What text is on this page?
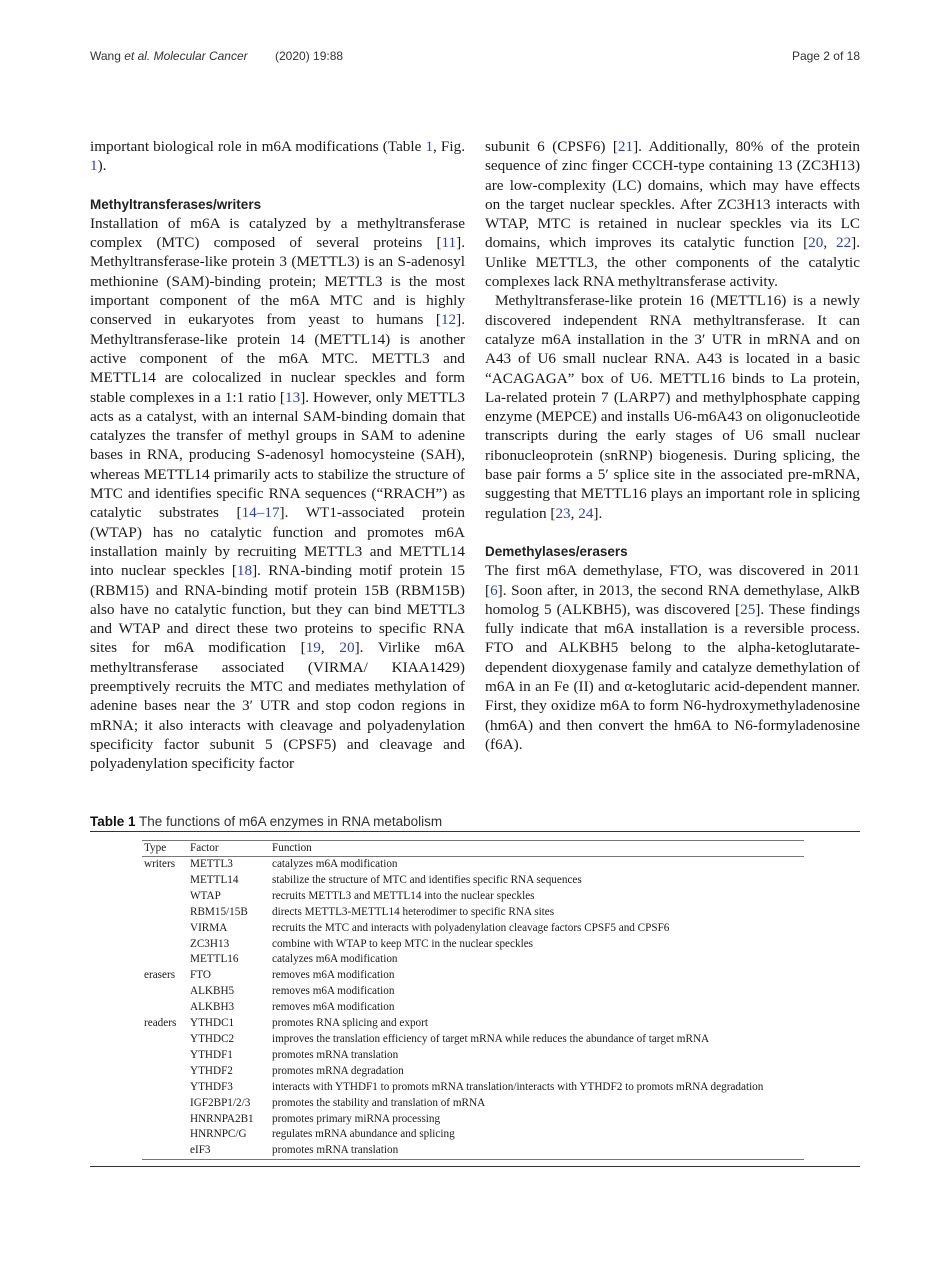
Wang et al. Molecular Cancer (2020) 19:88	Page 2 of 18

important biological role in m6A modifications (Table 1, Fig. 1).

Methyltransferases/writers

Installation of m6A is catalyzed by a methyltransferase complex (MTC) composed of several proteins [11]. Methyltransferase-like protein 3 (METTL3) is an S-adenosyl methionine (SAM)-binding protein; METTL3 is the most important component of the m6A MTC and is highly conserved in eukaryotes from yeast to humans [12]. Methyltransferase-like protein 14 (METTL14) is another active component of the m6A MTC. METTL3 and METTL14 are colocalized in nuclear speckles and form stable complexes in a 1:1 ratio [13]. However, only METTL3 acts as a catalyst, with an internal SAM-binding domain that catalyzes the transfer of methyl groups in SAM to adenine bases in RNA, producing S-adenosyl homocysteine (SAH), whereas METTL14 primarily acts to stabilize the structure of MTC and identifies specific RNA sequences (“RRACH”) as catalytic substrates [14–17]. WT1-associated protein (WTAP) has no catalytic function and promotes m6A installation mainly by recruiting METTL3 and METTL14 into nuclear speckles [18]. RNA-binding motif protein 15 (RBM15) and RNA-binding motif protein 15B (RBM15B) also have no catalytic function, but they can bind METTL3 and WTAP and direct these two proteins to specific RNA sites for m6A modification [19, 20]. Virlike m6A methyltransferase associated (VIRMA/ KIAA1429) preemptively recruits the MTC and mediates methylation of adenine bases near the 3′ UTR and stop codon regions in mRNA; it also interacts with cleavage and polyadenylation specificity factor subunit 5 (CPSF5) and cleavage and polyadenylation specificity factor

subunit 6 (CPSF6) [21]. Additionally, 80% of the protein sequence of zinc finger CCCH-type containing 13 (ZC3H13) are low-complexity (LC) domains, which may have effects on the target nuclear speckles. After ZC3H13 interacts with WTAP, MTC is retained in nuclear speckles via its LC domains, which improves its catalytic function [20, 22]. Unlike METTL3, the other components of the catalytic complexes lack RNA methyltransferase activity.

Methyltransferase-like protein 16 (METTL16) is a newly discovered independent RNA methyltransferase. It can catalyze m6A installation in the 3′ UTR in mRNA and on A43 of U6 small nuclear RNA. A43 is located in a basic “ACAGAGA” box of U6. METTL16 binds to La protein, La-related protein 7 (LARP7) and methylphosphate capping enzyme (MEPCE) and installs U6-m6A43 on oligonucleotide transcripts during the early stages of U6 small nuclear ribonucleoprotein (snRNP) biogenesis. During splicing, the base pair forms a 5′ splice site in the associated pre-mRNA, suggesting that METTL16 plays an important role in splicing regulation [23, 24].

Demethylases/erasers

The first m6A demethylase, FTO, was discovered in 2011 [6]. Soon after, in 2013, the second RNA demethylase, AlkB homolog 5 (ALKBH5), was discovered [25]. These findings fully indicate that m6A installation is a reversible process. FTO and ALKBH5 belong to the alpha-ketoglutarate-dependent dioxygenase family and catalyze demethylation of m6A in an Fe (II) and α-ketoglutaric acid-dependent manner. First, they oxidize m6A to form N6-hydroxymethyladenosine (hm6A) and then convert the hm6A to N6-formyladenosine (f6A).

Table 1 The functions of m6A enzymes in RNA metabolism
Type	Factor	Function
writers	METTL3	catalyzes m6A modification
	METTL14	stabilize the structure of MTC and identifies specific RNA sequences
	WTAP	recruits METTL3 and METTL14 into the nuclear speckles
	RBM15/15B	directs METTL3-METTL14 heterodimer to specific RNA sites
	VIRMA	recruits the MTC and interacts with polyadenylation cleavage factors CPSF5 and CPSF6
	ZC3H13	combine with WTAP to keep MTC in the nuclear speckles
	METTL16	catalyzes m6A modification
erasers	FTO	removes m6A modification
	ALKBH5	removes m6A modification
	ALKBH3	removes m6A modification
readers	YTHDC1	promotes RNA splicing and export
	YTHDC2	improves the translation efficiency of target mRNA while reduces the abundance of target mRNA
	YTHDF1	promotes mRNA translation
	YTHDF2	promotes mRNA degradation
	YTHDF3	interacts with YTHDF1 to promots mRNA translation/interacts with YTHDF2 to promots mRNA degradation
	IGF2BP1/2/3	promotes the stability and translation of mRNA
	HNRNPA2B1	promotes primary miRNA processing
	HNRNPC/G	regulates mRNA abundance and splicing
	eIF3	promotes mRNA translation
